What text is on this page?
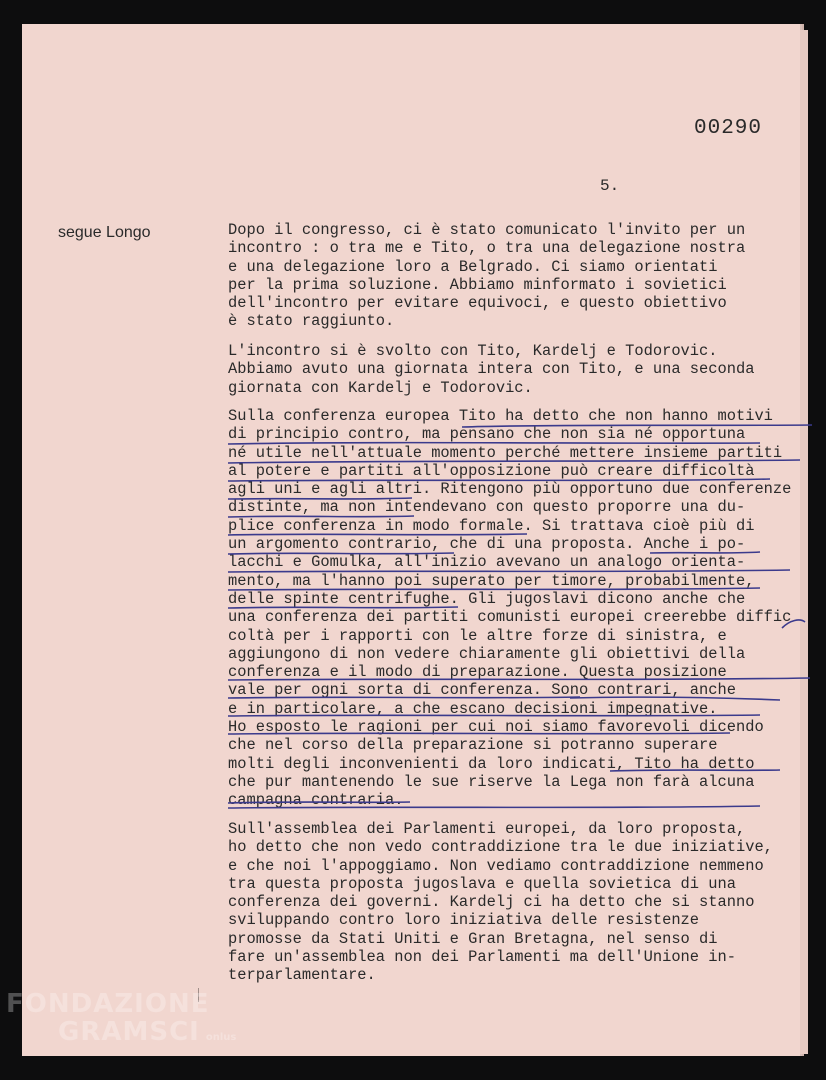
00290
5.
segue Longo	Dopo il congresso, ci è stato comunicato l'invito per un
incontro : o tra me e Tito, o tra una delegazione nostra
e una delegazione loro a Belgrado. Ci siamo orientati
per la prima soluzione. Abbiamo minformato i sovietici
dell'incontro per evitare equivoci, e questo obiettivo
è stato raggiunto.

L'incontro si è svolto con Tito, Kardelj e Todorovic.
Abbiamo avuto una giornata intera con Tito, e una seconda
giornata con Kardelj e Todorovic.

Sulla conferenza europea Tito ha detto che non hanno motivi
di principio contro, ma pensano che non sia né opportuna
né utile nell'attuale momento perché mettere insieme partiti
al potere e partiti all'opposizione può creare difficoltà
agli uni e agli altri. Ritengono più opportuno due conferenze
distinte, ma non intendevano con questo proporre una du-
plice conferenza in modo formale. Si trattava cioè più di
un argomento contrario, che di una proposta. Anche i po-
lacchi e Gomulka, all'inizio avevano un analogo orienta-
mento, ma l'hanno poi superato per timore, probabilmente,
delle spinte centrifughe. Gli jugoslavi dicono anche che
una conferenza dei partiti comunisti europei creerebbe diffic
coltà per i rapporti con le altre forze di sinistra, e
aggiungono di non vedere chiaramente gli obiettivi della
conferenza e il modo di preparazione. Questa posizione
vale per ogni sorta di conferenza. Sono contrari, anche
e in particolare, a che escano decisioni impegnative.
Ho esposto le ragioni per cui noi siamo favorevoli dicendo
che nel corso della preparazione si potranno superare
molti degli inconvenienti da loro indicati, Tito ha detto
che pur mantenendo le sue riserve la Lega non farà alcuna
campagna contraria.

Sull'assemblea dei Parlamenti europei, da loro proposta,
ho detto che non vedo contraddizione tra le due iniziative,
e che noi l'appoggiamo. Non vediamo contraddizione nemmeno
tra questa proposta jugoslava e quella sovietica di una
conferenza dei governi. Kardelj ci ha detto che si stanno
sviluppando contro loro iniziativa delle resistenze
promosse da Stati Uniti e Gran Bretagna, nel senso di
fare un'assemblea non dei Parlamenti ma dell'Unione in-
terparlamentare.

FONDAZIONE
GRAMSCI onlus
